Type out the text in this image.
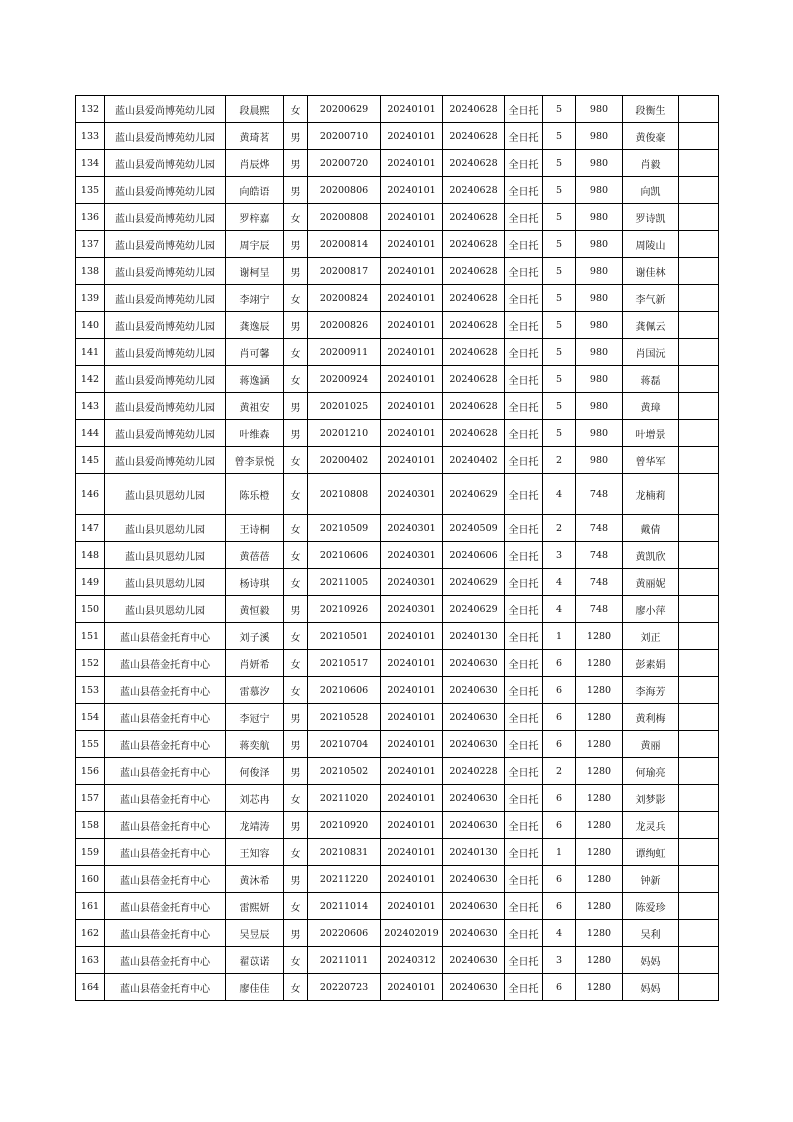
132	蓝山县爱尚博苑幼儿园	段晨熙	女	20200629	20240101	20240628	全日托	5	980	段衡生	
133	蓝山县爱尚博苑幼儿园	黄琦茗	男	20200710	20240101	20240628	全日托	5	980	黄俊豪	
134	蓝山县爱尚博苑幼儿园	肖辰烨	男	20200720	20240101	20240628	全日托	5	980	肖毅	
135	蓝山县爱尚博苑幼儿园	向皓语	男	20200806	20240101	20240628	全日托	5	980	向凯	
136	蓝山县爱尚博苑幼儿园	罗梓嘉	女	20200808	20240101	20240628	全日托	5	980	罗诗凯	
137	蓝山县爱尚博苑幼儿园	周宇辰	男	20200814	20240101	20240628	全日托	5	980	周陵山	
138	蓝山县爱尚博苑幼儿园	谢柯呈	男	20200817	20240101	20240628	全日托	5	980	谢佳林	
139	蓝山县爱尚博苑幼儿园	李翊宁	女	20200824	20240101	20240628	全日托	5	980	李气新	
140	蓝山县爱尚博苑幼儿园	龚逸辰	男	20200826	20240101	20240628	全日托	5	980	龚佩云	
141	蓝山县爱尚博苑幼儿园	肖可馨	女	20200911	20240101	20240628	全日托	5	980	肖国沅	
142	蓝山县爱尚博苑幼儿园	蒋逸涵	女	20200924	20240101	20240628	全日托	5	980	蒋磊	
143	蓝山县爱尚博苑幼儿园	黄祖安	男	20201025	20240101	20240628	全日托	5	980	黄璋	
144	蓝山县爱尚博苑幼儿园	叶维森	男	20201210	20240101	20240628	全日托	5	980	叶增景	
145	蓝山县爱尚博苑幼儿园	曾李景悦	女	20200402	20240101	20240402	全日托	2	980	曾华军	
146	蓝山县贝恩幼儿园	陈乐橙	女	20210808	20240301	20240629	全日托	4	748	龙楠莉	
147	蓝山县贝恩幼儿园	王诗桐	女	20210509	20240301	20240509	全日托	2	748	戴倩	
148	蓝山县贝恩幼儿园	黄蓓蓓	女	20210606	20240301	20240606	全日托	3	748	黄凯欣	
149	蓝山县贝恩幼儿园	杨诗琪	女	20211005	20240301	20240629	全日托	4	748	黄丽妮	
150	蓝山县贝恩幼儿园	黄恒毅	男	20210926	20240301	20240629	全日托	4	748	廖小萍	
151	蓝山县蓓金托育中心	刘子溪	女	20210501	20240101	20240130	全日托	1	1280	刘正	
152	蓝山县蓓金托育中心	肖妍希	女	20210517	20240101	20240630	全日托	6	1280	彭素娟	
153	蓝山县蓓金托育中心	雷慕汐	女	20210606	20240101	20240630	全日托	6	1280	李海芳	
154	蓝山县蓓金托育中心	李冠宁	男	20210528	20240101	20240630	全日托	6	1280	黄利梅	
155	蓝山县蓓金托育中心	蒋奕航	男	20210704	20240101	20240630	全日托	6	1280	黄丽	
156	蓝山县蓓金托育中心	何俊泽	男	20210502	20240101	20240228	全日托	2	1280	何瑜亮	
157	蓝山县蓓金托育中心	刘芯冉	女	20211020	20240101	20240630	全日托	6	1280	刘梦影	
158	蓝山县蓓金托育中心	龙靖涛	男	20210920	20240101	20240630	全日托	6	1280	龙灵兵	
159	蓝山县蓓金托育中心	王知容	女	20210831	20240101	20240130	全日托	1	1280	谭绚虹	
160	蓝山县蓓金托育中心	黄沐希	男	20211220	20240101	20240630	全日托	6	1280	钟新	
161	蓝山县蓓金托育中心	雷熙妍	女	20211014	20240101	20240630	全日托	6	1280	陈爱珍	
162	蓝山县蓓金托育中心	吴昱辰	男	20220606	202402019	20240630	全日托	4	1280	吴利	
163	蓝山县蓓金托育中心	翟苡诺	女	20211011	20240312	20240630	全日托	3	1280	妈妈	
164	蓝山县蓓金托育中心	廖佳佳	女	20220723	20240101	20240630	全日托	6	1280	妈妈	
